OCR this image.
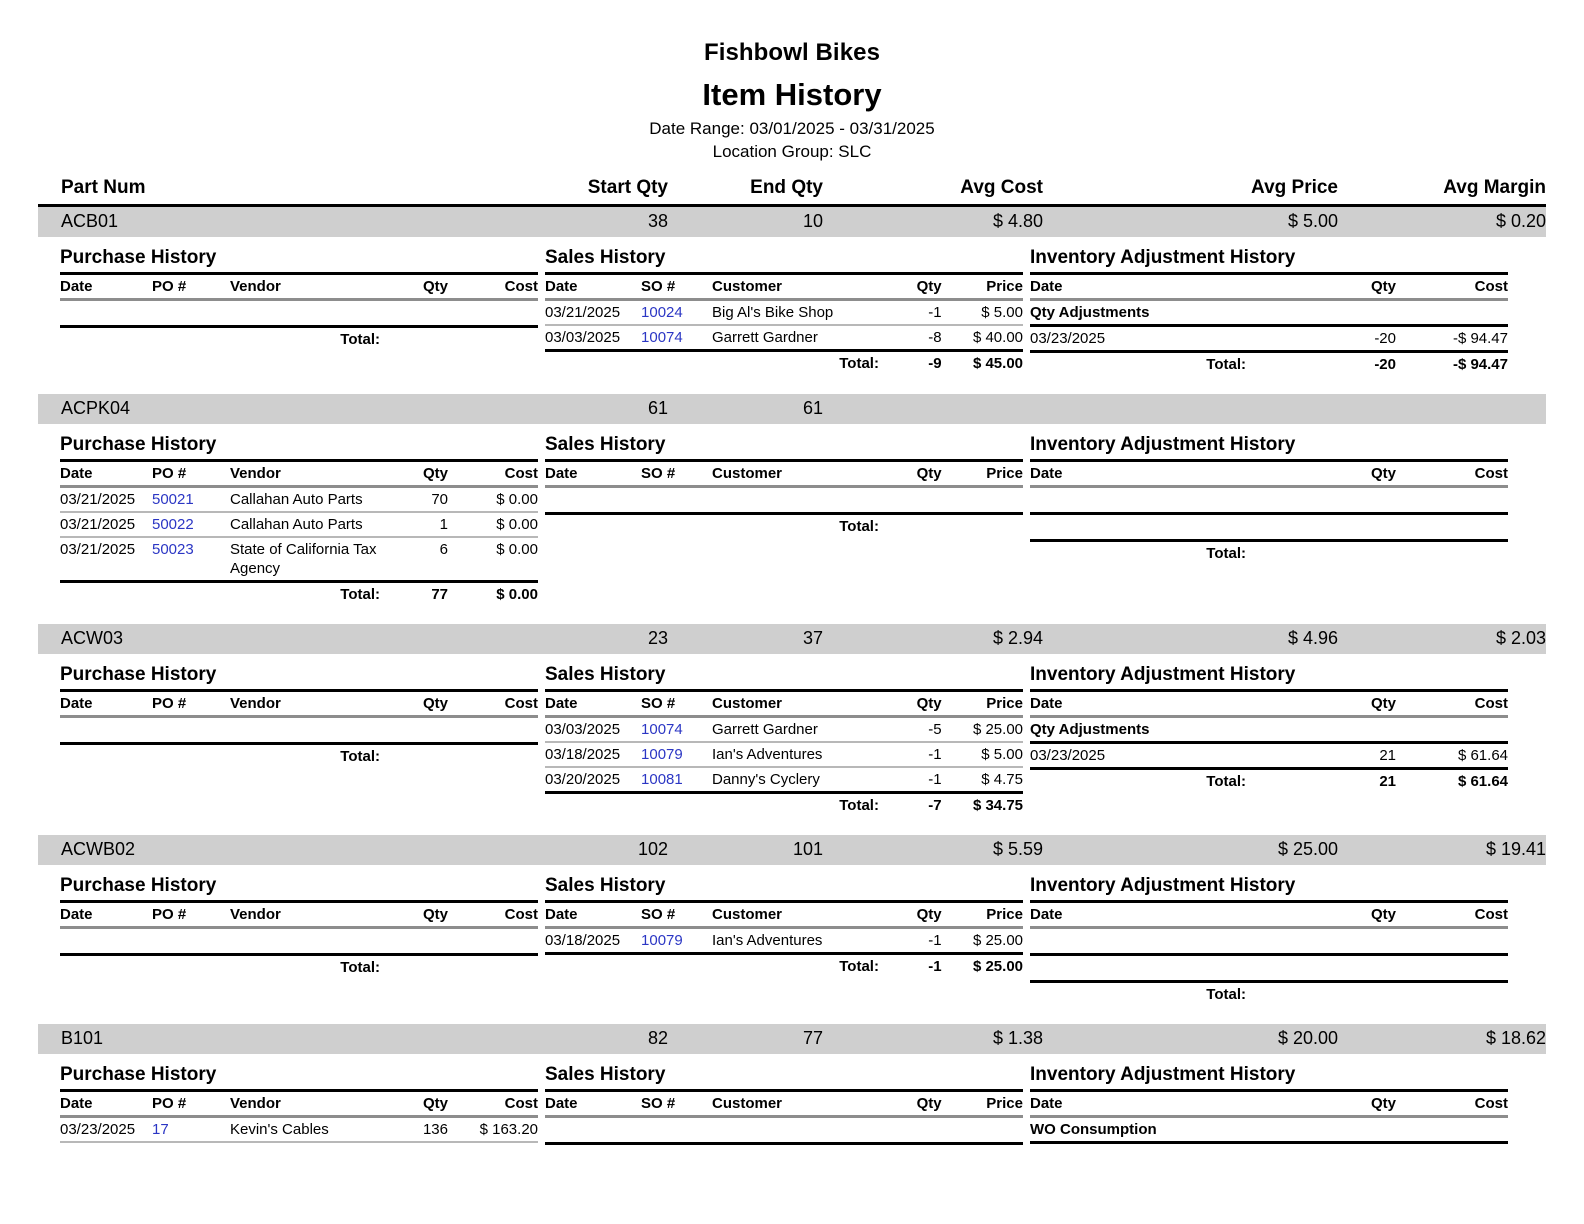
Fishbowl Bikes
Item History
Date Range: 03/01/2025 - 03/31/2025
Location Group: SLC
Part Num	Start Qty	End Qty	Avg Cost	Avg Price	Avg Margin
ACB01	38	10	$ 4.80	$ 5.00	$ 0.20
Purchase History
Date	PO #	Vendor	Qty	Cost

		Total:		
Sales History
Date	SO #	Customer	Qty	Price
03/21/2025	10024	Big Al's Bike Shop	-1	$ 5.00
03/03/2025	10074	Garrett Gardner	-8	$ 40.00
		Total:	-9	$ 45.00
Inventory Adjustment History
Date	Qty	Cost
Qty Adjustments		
03/23/2025	-20	-$ 94.47
Total:	-20	-$ 94.47
ACPK04	61	61
Purchase History
Date	PO #	Vendor	Qty	Cost
03/21/2025	50021	Callahan Auto Parts	70	$ 0.00
03/21/2025	50022	Callahan Auto Parts	1	$ 0.00
03/21/2025	50023	State of California Tax Agency	6	$ 0.00
		Total:	77	$ 0.00
Sales History
Date	SO #	Customer	Qty	Price

		Total:		
Inventory Adjustment History
Date	Qty	Cost

Total:		
ACW03	23	37	$ 2.94	$ 4.96	$ 2.03
Purchase History
Date	PO #	Vendor	Qty	Cost

		Total:		
Sales History
Date	SO #	Customer	Qty	Price
03/03/2025	10074	Garrett Gardner	-5	$ 25.00
03/18/2025	10079	Ian's Adventures	-1	$ 5.00
03/20/2025	10081	Danny's Cyclery	-1	$ 4.75
		Total:	-7	$ 34.75
Inventory Adjustment History
Date	Qty	Cost
Qty Adjustments		
03/23/2025	21	$ 61.64
Total:	21	$ 61.64
ACWB02	102	101	$ 5.59	$ 25.00	$ 19.41
Purchase History
Date	PO #	Vendor	Qty	Cost

		Total:		
Sales History
Date	SO #	Customer	Qty	Price
03/18/2025	10079	Ian's Adventures	-1	$ 25.00
		Total:	-1	$ 25.00
Inventory Adjustment History
Date	Qty	Cost

Total:		
B101	82	77	$ 1.38	$ 20.00	$ 18.62
Purchase History
Date	PO #	Vendor	Qty	Cost
03/23/2025	17	Kevin's Cables	136	$ 163.20
Sales History
Date	SO #	Customer	Qty	Price

Inventory Adjustment History
Date	Qty	Cost
WO Consumption		
